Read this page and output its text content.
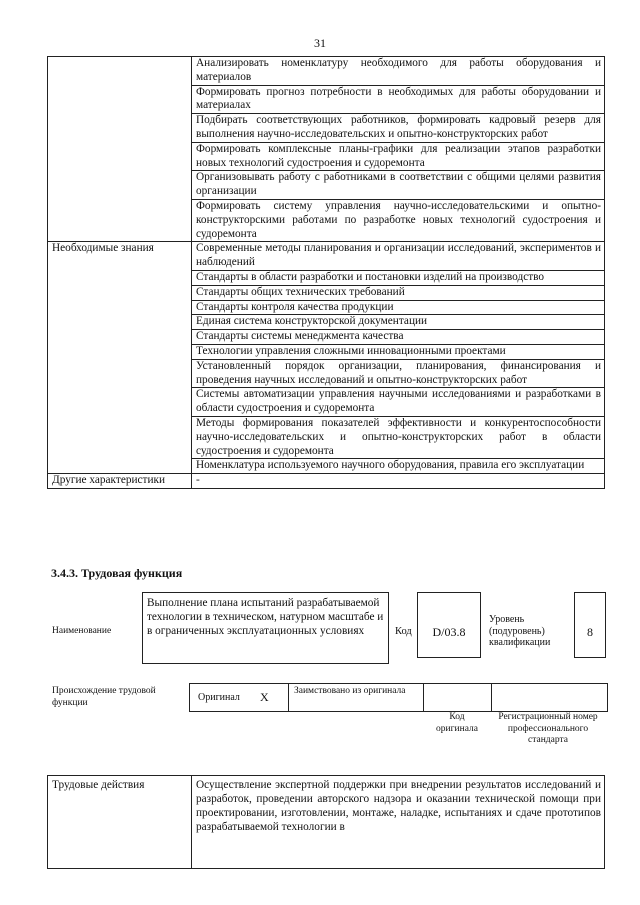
31
	Анализировать номенклатуру необходимого для работы оборудования и материалов
	Формировать прогноз потребности в необходимых для работы оборудовании и материалах
	Подбирать соответствующих работников, формировать кадровый резерв для выполнения научно-исследовательских и опытно-конструкторских работ
	Формировать комплексные планы-графики для реализации этапов разработки новых технологий судостроения и судоремонта
	Организовывать работу с работниками в соответствии с общими целями развития организации
	Формировать систему управления научно-исследовательскими и опытно-конструкторскими работами по разработке новых технологий судостроения и судоремонта
Необходимые знания	Современные методы планирования и организации исследований, экспериментов и наблюдений
	Стандарты в области разработки и постановки изделий на производство
	Стандарты общих технических требований
	Стандарты контроля качества продукции
	Единая система конструкторской документации
	Стандарты системы менеджмента качества
	Технологии управления сложными инновационными проектами
	Установленный порядок организации, планирования, финансирования и проведения научных исследований и опытно-конструкторских работ
	Системы автоматизации управления научными исследованиями и разработками в области судостроения и судоремонта
	Методы формирования показателей эффективности и конкурентоспособности научно-исследовательских и опытно-конструкторских работ в области судостроения и судоремонта
	Номенклатура используемого научного оборудования, правила его эксплуатации
Другие характеристики	-
3.4.3. Трудовая функция
Наименование
Выполнение плана испытаний разрабатываемой технологии в техническом, натурном масштабе и в ограниченных эксплуатационных условиях	Код	D/03.8
Уровень (подуровень) квалификации
8
Происхождение трудовой функции	Оригинал X	Заимствовано из оригинала
Код оригинала
Регистрационный номер профессионального стандарта
Трудовые действия	Осуществление экспертной поддержки при внедрении результатов исследований и разработок, проведении авторского надзора и оказании технической помощи при проектировании, изготовлении, монтаже, наладке, испытаниях и сдаче прототипов разрабатываемой технологии в
